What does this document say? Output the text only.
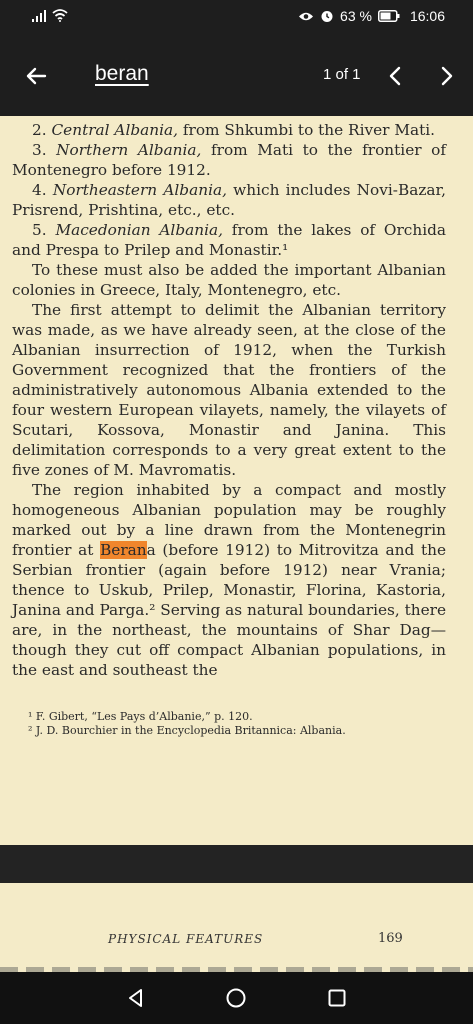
63 %	16:06
beran	1 of 1

2. Central Albania, from Shkumbi to the River Mati.

3. Northern Albania, from Mati to the frontier of Montenegro before 1912.

4. Northeastern Albania, which includes Novi-Bazar, Prisrend, Prishtina, etc., etc.

5. Macedonian Albania, from the lakes of Orchida and Prespa to Prilep and Monastir.¹

To these must also be added the important Albanian colonies in Greece, Italy, Montenegro, etc.

The first attempt to delimit the Albanian territory was made, as we have already seen, at the close of the Albanian insurrection of 1912, when the Turkish Government recognized that the frontiers of the administratively autonomous Albania extended to the four western European vilayets, namely, the vilayets of Scutari, Kossova, Monastir and Janina. This delimitation corresponds to a very great extent to the five zones of M. Mavromatis.

The region inhabited by a compact and mostly homogeneous Albanian population may be roughly marked out by a line drawn from the Montenegrin frontier at Berana (before 1912) to Mitrovitza and the Serbian frontier (again before 1912) near Vrania; thence to Uskub, Prilep, Monastir, Florina, Kastoria, Janina and Parga.² Serving as natural boundaries, there are, in the northeast, the mountains of Shar Dag—though they cut off compact Albanian populations, in the east and southeast the

¹ F. Gibert, “Les Pays d’Albanie,” p. 120.
² J. D. Bourchier in the Encyclopedia Britannica: Albania.
PHYSICAL FEATURES	169
